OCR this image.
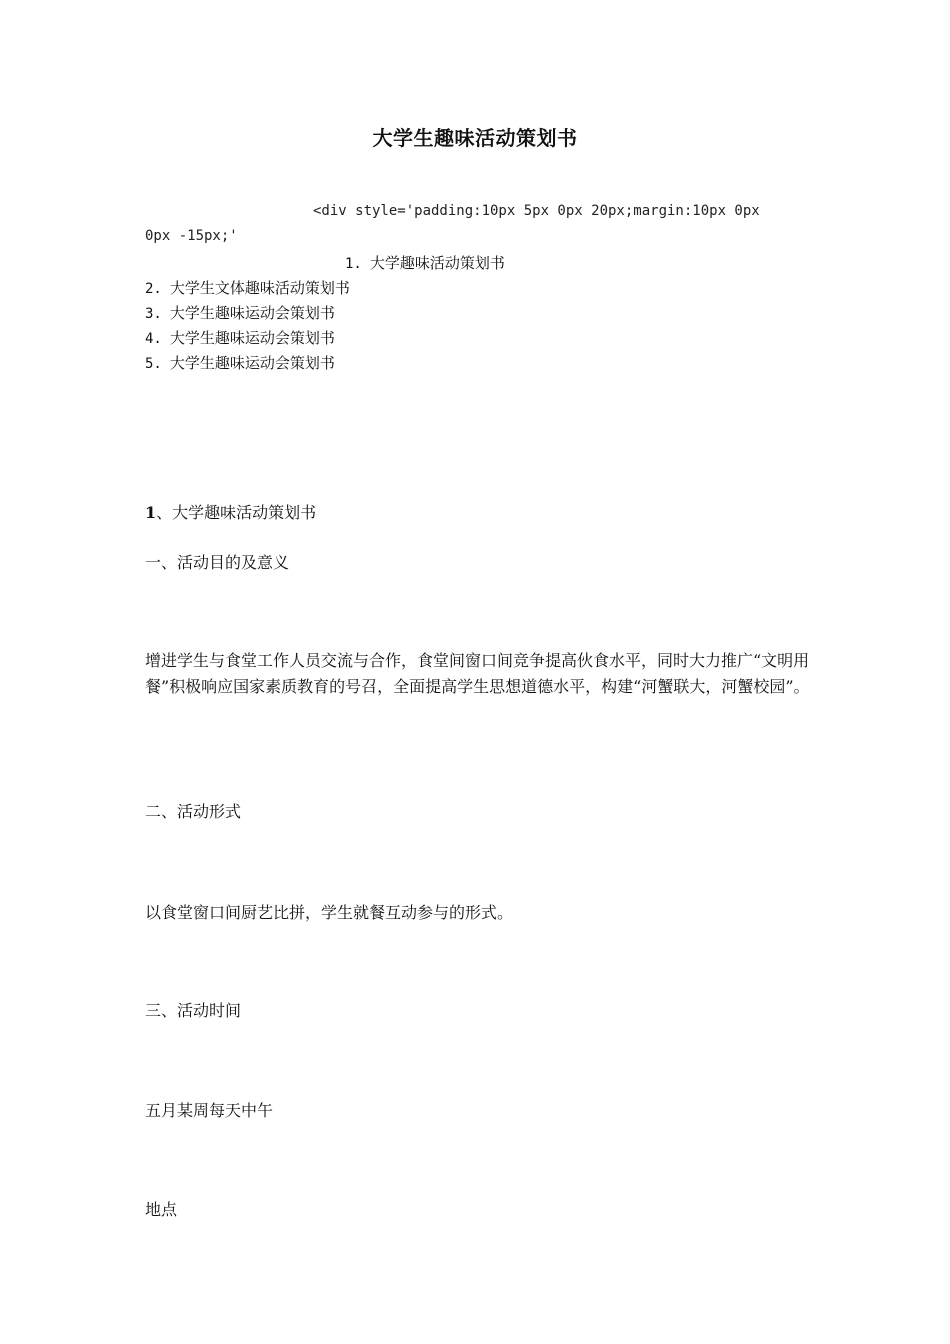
大学生趣味活动策划书
<div style='padding:10px 5px 0px 20px;margin:10px 0px
0px -15px;'
1. 大学趣味活动策划书
2. 大学生文体趣味活动策划书
3. 大学生趣味运动会策划书
4. 大学生趣味运动会策划书
5. 大学生趣味运动会策划书
1、大学趣味活动策划书
一、活动目的及意义
增进学生与食堂工作人员交流与合作，食堂间窗口间竞争提高伙食水平，同时大力推广“文明用餐”积极响应国家素质教育的号召，全面提高学生思想道德水平，构建“河蟹联大，河蟹校园”。
二、活动形式
以食堂窗口间厨艺比拼，学生就餐互动参与的形式。
三、活动时间
五月某周每天中午
地点
